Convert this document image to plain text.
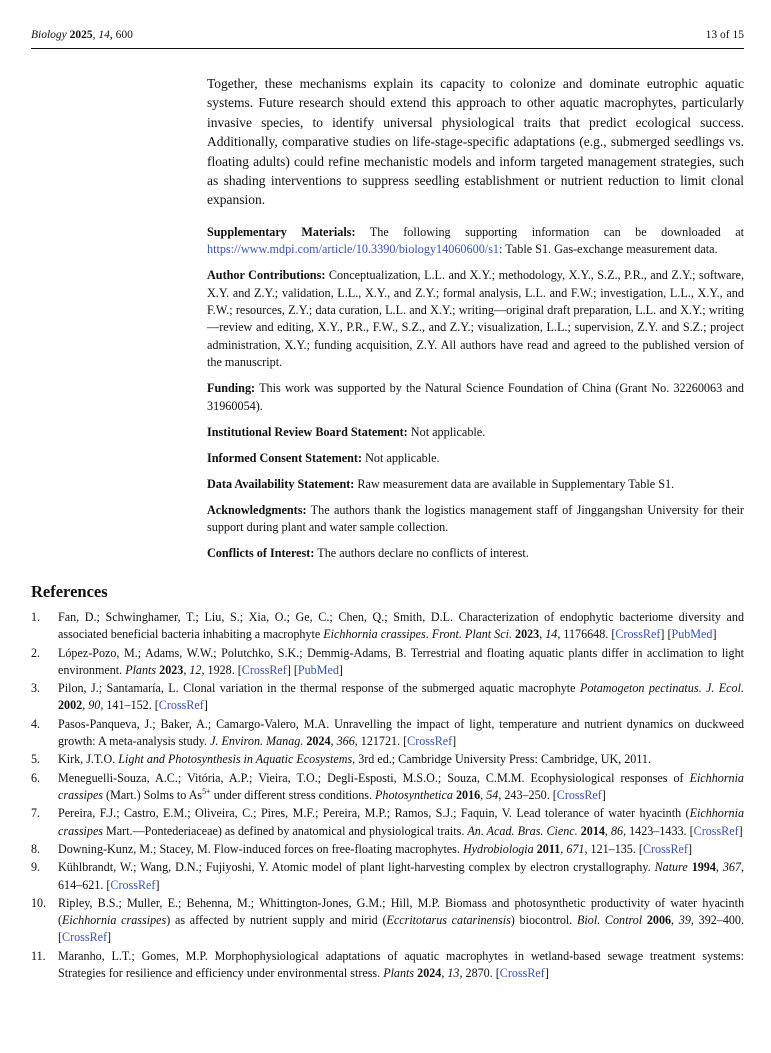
Biology 2025, 14, 600	13 of 15

Together, these mechanisms explain its capacity to colonize and dominate eutrophic aquatic systems. Future research should extend this approach to other aquatic macrophytes, particularly invasive species, to identify universal physiological traits that predict ecological success. Additionally, comparative studies on life-stage-specific adaptations (e.g., submerged seedlings vs. floating adults) could refine mechanistic models and inform targeted management strategies, such as shading interventions to suppress seedling establishment or nutrient reduction to limit clonal expansion.

Supplementary Materials: The following supporting information can be downloaded at https://www.mdpi.com/article/10.3390/biology14060600/s1: Table S1. Gas-exchange measurement data.

Author Contributions: Conceptualization, L.L. and X.Y.; methodology, X.Y., S.Z., P.R., and Z.Y.; software, X.Y. and Z.Y.; validation, L.L., X.Y., and Z.Y.; formal analysis, L.L. and F.W.; investigation, L.L., X.Y., and F.W.; resources, Z.Y.; data curation, L.L. and X.Y.; writing—original draft preparation, L.L. and X.Y.; writing—review and editing, X.Y., P.R., F.W., S.Z., and Z.Y.; visualization, L.L.; supervision, Z.Y. and S.Z.; project administration, X.Y.; funding acquisition, Z.Y. All authors have read and agreed to the published version of the manuscript.

Funding: This work was supported by the Natural Science Foundation of China (Grant No. 32260063 and 31960054).

Institutional Review Board Statement: Not applicable.

Informed Consent Statement: Not applicable.

Data Availability Statement: Raw measurement data are available in Supplementary Table S1.

Acknowledgments: The authors thank the logistics management staff of Jinggangshan University for their support during plant and water sample collection.

Conflicts of Interest: The authors declare no conflicts of interest.

References
1. Fan, D.; Schwinghamer, T.; Liu, S.; Xia, O.; Ge, C.; Chen, Q.; Smith, D.L. Characterization of endophytic bacteriome diversity and associated beneficial bacteria inhabiting a macrophyte Eichhornia crassipes. Front. Plant Sci. 2023, 14, 1176648. [CrossRef] [PubMed]
2. López-Pozo, M.; Adams, W.W.; Polutchko, S.K.; Demmig-Adams, B. Terrestrial and floating aquatic plants differ in acclimation to light environment. Plants 2023, 12, 1928. [CrossRef] [PubMed]
3. Pilon, J.; Santamaría, L. Clonal variation in the thermal response of the submerged aquatic macrophyte Potamogeton pectinatus. J. Ecol. 2002, 90, 141–152. [CrossRef]
4. Pasos-Panqueva, J.; Baker, A.; Camargo-Valero, M.A. Unravelling the impact of light, temperature and nutrient dynamics on duckweed growth: A meta-analysis study. J. Environ. Manag. 2024, 366, 121721. [CrossRef]
5. Kirk, J.T.O. Light and Photosynthesis in Aquatic Ecosystems, 3rd ed.; Cambridge University Press: Cambridge, UK, 2011.
6. Meneguelli-Souza, A.C.; Vitória, A.P.; Vieira, T.O.; Degli-Esposti, M.S.O.; Souza, C.M.M. Ecophysiological responses of Eichhornia crassipes (Mart.) Solms to $As^{5+}$ under different stress conditions. Photosynthetica 2016, 54, 243–250. [CrossRef]
7. Pereira, F.J.; Castro, E.M.; Oliveira, C.; Pires, M.F.; Pereira, M.P.; Ramos, S.J.; Faquin, V. Lead tolerance of water hyacinth (Eichhornia crassipes Mart.—Pontederiaceae) as defined by anatomical and physiological traits. An. Acad. Bras. Cienc. 2014, 86, 1423–1433. [CrossRef]
8. Downing-Kunz, M.; Stacey, M. Flow-induced forces on free-floating macrophytes. Hydrobiologia 2011, 671, 121–135. [CrossRef]
9. Kühlbrandt, W.; Wang, D.N.; Fujiyoshi, Y. Atomic model of plant light-harvesting complex by electron crystallography. Nature 1994, 367, 614–621. [CrossRef]
10. Ripley, B.S.; Muller, E.; Behenna, M.; Whittington-Jones, G.M.; Hill, M.P. Biomass and photosynthetic productivity of water hyacinth (Eichhornia crassipes) as affected by nutrient supply and mirid (Eccritotarus catarinensis) biocontrol. Biol. Control 2006, 39, 392–400. [CrossRef]
11. Maranho, L.T.; Gomes, M.P. Morphophysiological adaptations of aquatic macrophytes in wetland-based sewage treatment systems: Strategies for resilience and efficiency under environmental stress. Plants 2024, 13, 2870. [CrossRef]
